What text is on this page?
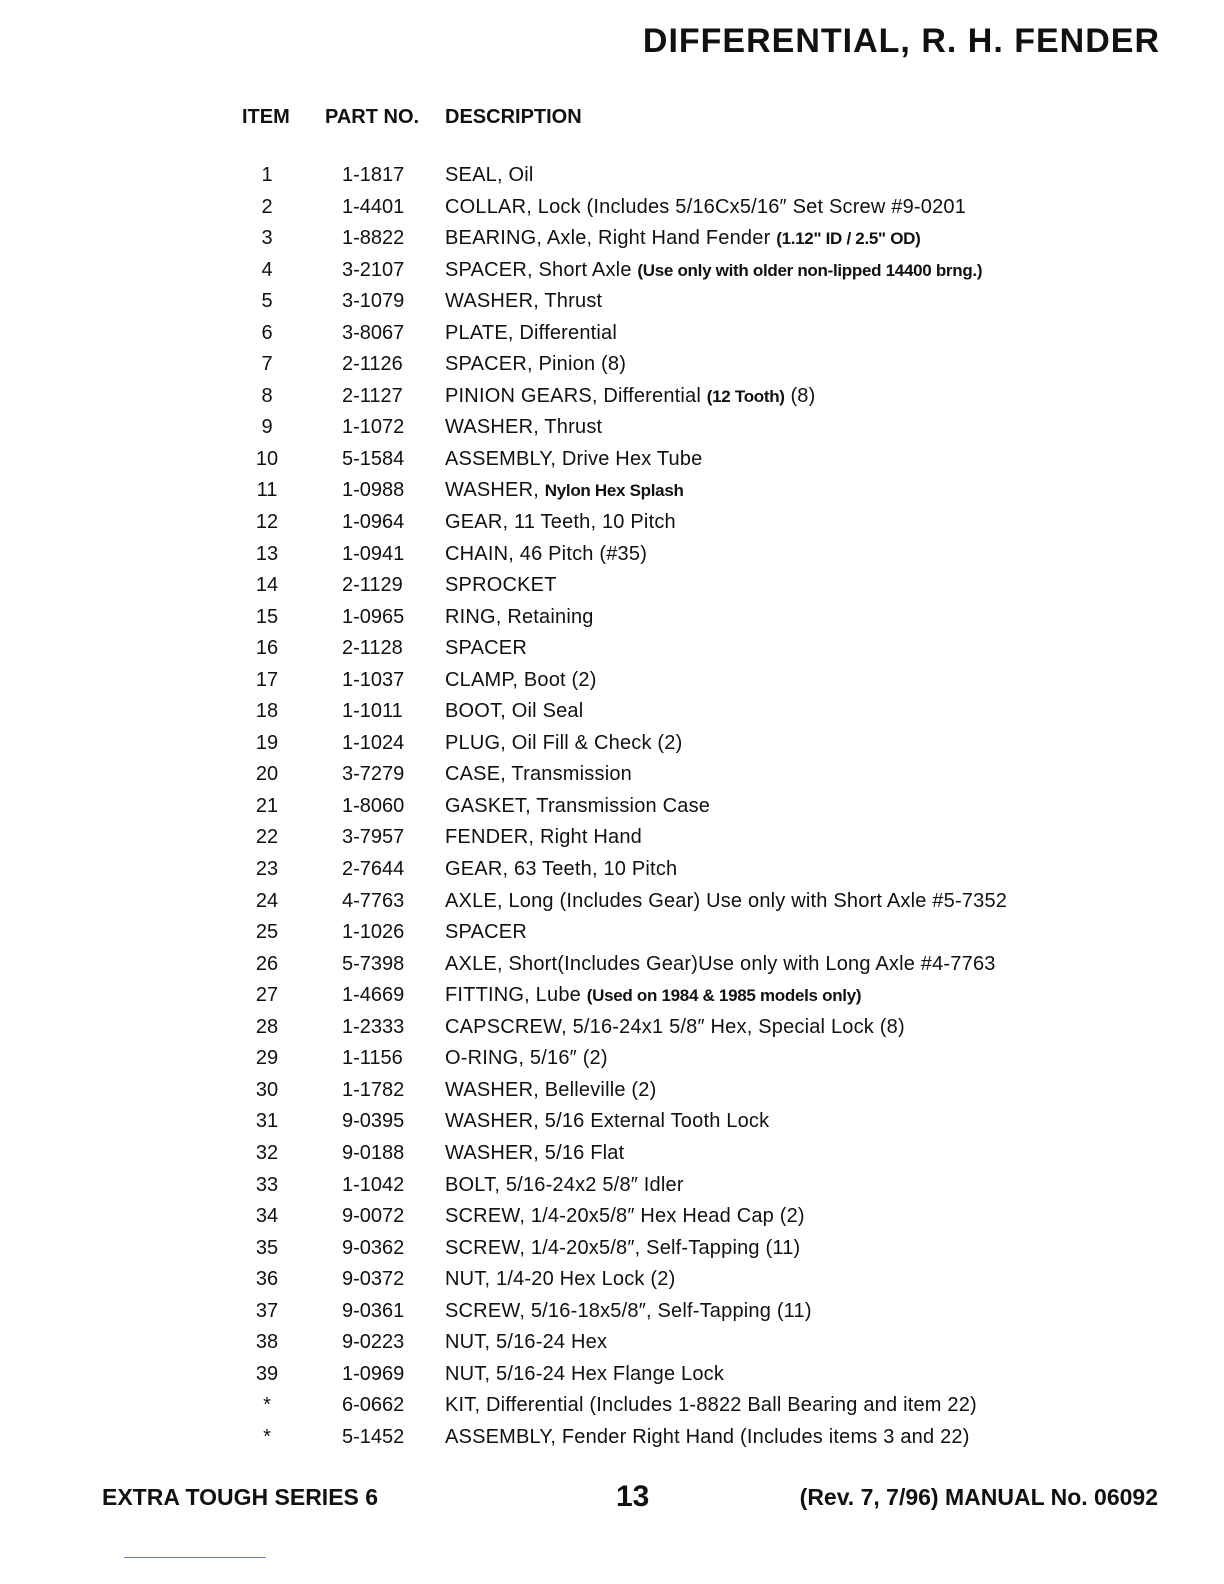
DIFFERENTIAL, R. H. FENDER
ITEM PART NO. DESCRIPTION
1	1-1817 SEAL, Oil
2	1-4401 COLLAR, Lock (Includes 5/16Cx5/16″ Set Screw #9-0201
3	1-8822 BEARING, Axle, Right Hand Fender (1.12" ID / 2.5" OD)
4	3-2107 SPACER, Short Axle (Use only with older non-lipped 14400 brng.)
5	3-1079 WASHER, Thrust
6	3-8067 PLATE, Differential
7	2-1126 SPACER, Pinion (8)
8	2-1127 PINION GEARS, Differential (12 Tooth) (8)
9	1-1072 WASHER, Thrust
10	5-1584 ASSEMBLY, Drive Hex Tube
11	1-0988 WASHER, Nylon Hex Splash
12	1-0964 GEAR, 11 Teeth, 10 Pitch
13	1-0941 CHAIN, 46 Pitch (#35)
14	2-1129 SPROCKET
15	1-0965 RING, Retaining
16	2-1128 SPACER
17	1-1037 CLAMP, Boot (2)
18	1-1011 BOOT, Oil Seal
19	1-1024 PLUG, Oil Fill & Check (2)
20	3-7279 CASE, Transmission
21	1-8060 GASKET, Transmission Case
22	3-7957 FENDER, Right Hand
23	2-7644 GEAR, 63 Teeth, 10 Pitch
24	4-7763 AXLE, Long (Includes Gear) Use only with Short Axle #5-7352
25	1-1026 SPACER
26	5-7398 AXLE, Short(Includes Gear)Use only with Long Axle #4-7763
27	1-4669 FITTING, Lube (Used on 1984 & 1985 models only)
28	1-2333 CAPSCREW, 5/16-24x1 5/8″ Hex, Special Lock (8)
29	1-1156 O-RING, 5/16″ (2)
30	1-1782 WASHER, Belleville (2)
31	9-0395 WASHER, 5/16 External Tooth Lock
32	9-0188 WASHER, 5/16 Flat
33	1-1042 BOLT, 5/16-24x2 5/8″ Idler
34	9-0072 SCREW, 1/4-20x5/8″ Hex Head Cap (2)
35	9-0362 SCREW, 1/4-20x5/8″, Self-Tapping (11)
36	9-0372 NUT, 1/4-20 Hex Lock (2)
37	9-0361 SCREW, 5/16-18x5/8″, Self-Tapping (11)
38	9-0223 NUT, 5/16-24 Hex
39	1-0969 NUT, 5/16-24 Hex Flange Lock
*	6-0662 KIT, Differential (Includes 1-8822 Ball Bearing and item 22)
*	5-1452 ASSEMBLY, Fender Right Hand (Includes items 3 and 22)
EXTRA TOUGH SERIES 6	13	(Rev. 7, 7/96) MANUAL No. 06092
